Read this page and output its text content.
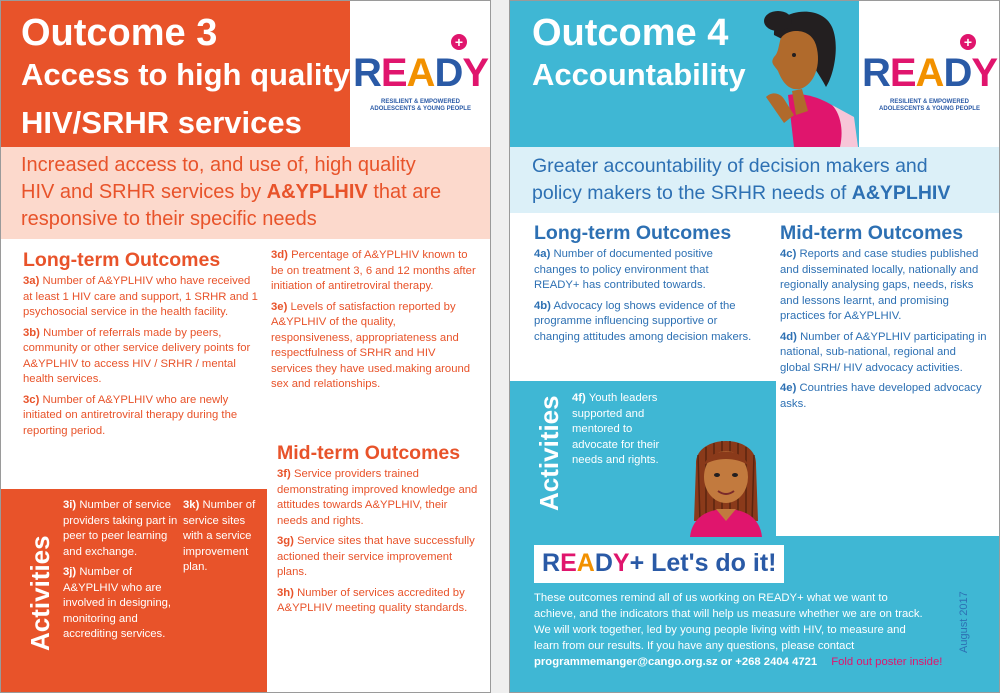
Outcome 3
Access to high quality
HIV/SRHR services
READY
+
RESILIENT & EMPOWERED
ADOLESCENTS & YOUNG PEOPLE
Increased access to, and use of, high quality
HIV and SRHR services by A&YPLHIV that are
responsive to their specific needs
Long-term Outcomes

3a) Number of A&YPLHIV who have received at least 1 HIV care and support, 1 SRHR and 1 psychosocial service in the health facility.

3b) Number of referrals made by peers, community or other service delivery points for A&YPLHIV to access HIV / SRHR / mental health services.

3c) Number of A&YPLHIV who are newly initiated on antiretroviral therapy during the reporting period.

3d) Percentage of A&YPLHIV known to be on treatment 3, 6 and 12 months after initiation of antiretroviral therapy.

3e) Levels of satisfaction reported by A&YPLHIV of the quality, responsiveness, appropriateness and respectfulness of SRHR and HIV services they have used.making around sex and relationships.

Mid-term Outcomes

3f) Service providers trained demonstrating improved knowledge and attitudes towards A&YPLHIV, their needs and rights.

3g) Service sites that have successfully actioned their service improvement plans.

3h) Number of services accredited by A&YPLHIV meeting quality standards.

Activities

3i) Number of service providers taking part in peer to peer learning and exchange.

3j) Number of A&YPLHIV who are involved in designing, monitoring and accrediting services.

3k) Number of service sites with a service improvement plan.

Outcome 4
Accountability	READY
+
RESILIENT & EMPOWERED
ADOLESCENTS & YOUNG PEOPLE
Greater accountability of decision makers and
policy makers to the SRHR needs of A&YPLHIV
Long-term Outcomes

4a) Number of documented positive changes to policy environment that READY+ has contributed towards.

4b) Advocacy log shows evidence of the programme influencing supportive or changing attitudes among decision makers.

Mid-term Outcomes

4c) Reports and case studies published and disseminated locally, nationally and regionally analysing gaps, needs, risks and lessons learnt, and promising practices for A&YPLHIV.

4d) Number of A&YPLHIV participating in national, sub-national, regional and global SRH/ HIV advocacy activities.

4e) Countries have developed advocacy asks.

Activities 4f) Youth leaders supported and mentored to advocate for their needs and rights.

READY+ Let's do it!
These outcomes remind all of us working on READY+ what we want to
achieve, and the indicators that will help us measure whether we are on track.
We will work together, led by young people living with HIV, to measure and
learn from our results. If you have any questions, please contact
programmemanger@cango.org.sz or +268 2404 4721 Fold out poster inside!
August 2017
